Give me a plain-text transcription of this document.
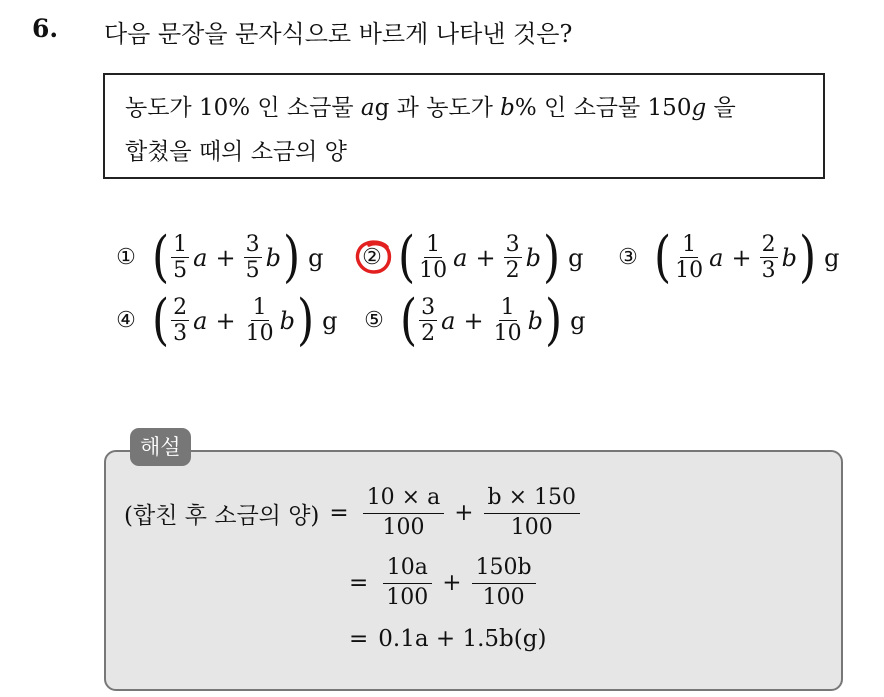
6. 다음 문장을 문자식으로 바르게 나타낸 것은?
농도가 10% 인 소금물 ag 과 농도가 b% 인 소금물 150g 을
합쳤을 때의 소금의 양
① ( $\frac{1}{5}$ $a + \frac{3}{5}$ b ) g ② ( $\frac{1}{10}$ $a + \frac{3}{2}$ b ) g ③ ( $\frac{1}{10}$ $a + \frac{2}{3}$ b ) g
④ ( $\frac{2}{3}$ $a + \frac{1}{10}$ b ) g ⑤ ( $\frac{3}{2}$ $a + \frac{1}{10}$ b ) g
해설
(합친 후 소금의 양) = $\frac{10 \times a}{100} + \frac{b \times 150}{100}$
= $\frac{10a}{100} + \frac{150b}{100}$
= 0.1a + 1.5b(g)
